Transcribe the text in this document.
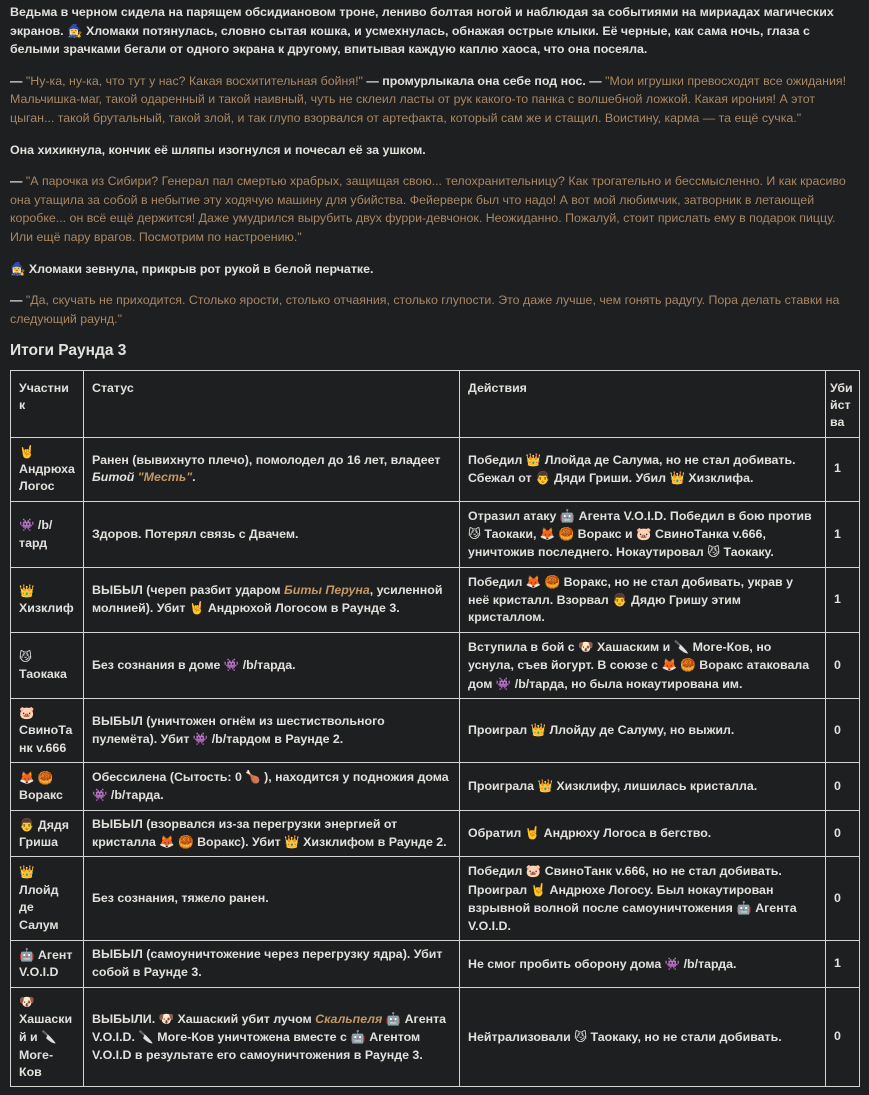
Ведьма в черном сидела на парящем обсидиановом троне, лениво болтая ногой и наблюдая за событиями на мириадах магических экранов. 🧙‍♀️ Хломаки потянулась, словно сытая кошка, и усмехнулась, обнажая острые клыки. Её черные, как сама ночь, глаза с белыми зрачками бегали от одного экрана к другому, впитывая каждую каплю хаоса, что она посеяла.

— "Ну-ка, ну-ка, что тут у нас? Какая восхитительная бойня!" — промурлыкала она себе под нос. — "Мои игрушки превосходят все ожидания! Мальчишка-маг, такой одаренный и такой наивный, чуть не склеил ласты от рук какого-то панка с волшебной ложкой. Какая ирония! А этот цыган... такой брутальный, такой злой, и так глупо взорвался от артефакта, который сам же и стащил. Воистину, карма — та ещё сучка."

Она хихикнула, кончик её шляпы изогнулся и почесал её за ушком.

— "А парочка из Сибири? Генерал пал смертью храбрых, защищая свою... телохранительницу? Как трогательно и бессмысленно. И как красиво она утащила за собой в небытие эту ходячую машину для убийства. Фейерверк был что надо! А вот мой любимчик, затворник в летающей коробке... он всё ещё держится! Даже умудрился вырубить двух фурри-девчонок. Неожиданно. Пожалуй, стоит прислать ему в подарок пиццу. Или ещё пару врагов. Посмотрим по настроению."

🧙‍♀️ Хломаки зевнула, прикрыв рот рукой в белой перчатке.

— "Да, скучать не приходится. Столько ярости, столько отчаяния, столько глупости. Это даже лучше, чем гонять радугу. Пора делать ставки на следующий раунд."

Итоги Раунда 3
Участник	Статус	Действия	Убийства
🤘 Андрюха Логос	Ранен (вывихнуто плечо), помолодел до 16 лет, владеет Битой "Месть".	Победил 👑 Ллойда де Салума, но не стал добивать. Сбежал от 👨 Дяди Гриши. Убил 👑 Хизклифа.	1
👾 /b/тард	Здоров. Потерял связь с Двачем.	Отразил атаку 🤖 Агента V.O.I.D. Победил в бою против 😼 Таокаки, 🦊 🥮 Воракс и 🐷 СвиноТанка v.666, уничтожив последнего. Нокаутировал 😼 Таокаку.	1
👑 Хизклиф	ВЫБЫЛ (череп разбит ударом Биты Перуна, усиленной молнией). Убит 🤘 Андрюхой Логосом в Раунде 3.	Победил 🦊 🥮 Воракс, но не стал добивать, украв у неё кристалл. Взорвал 👨 Дядю Гришу этим кристаллом.	1
😼 Таокака	Без сознания в доме 👾 /b/тарда.	Вступила в бой с 🐶 Хашаским и 🔪 Моге-Ков, но уснула, съев йогурт. В союзе с 🦊 🥮 Воракс атаковала дом 👾 /b/тарда, но была нокаутирована им.	0
🐷 СвиноТанк v.666	ВЫБЫЛ (уничтожен огнём из шестиствольного пулемёта). Убит 👾 /b/тардом в Раунде 2.	Проиграл 👑 Ллойду де Салуму, но выжил.	0
🦊 🥮 Воракс	Обессилена (Сытость: 0 🍗 ), находится у подножия дома 👾 /b/тарда.	Проиграла 👑 Хизклифу, лишилась кристалла.	0
👨 Дядя Гриша	ВЫБЫЛ (взорвался из-за перегрузки энергией от кристалла 🦊 🥮 Воракс). Убит 👑 Хизклифом в Раунде 2.	Обратил 🤘 Андрюху Логоса в бегство.	0
👑 Ллойд де Салум	Без сознания, тяжело ранен.	Победил 🐷 СвиноТанк v.666, но не стал добивать. Проиграл 🤘 Андрюхе Логосу. Был нокаутирован взрывной волной после самоуничтожения 🤖 Агента V.O.I.D.	0
🤖 Агент V.O.I.D	ВЫБЫЛ (самоуничтожение через перегрузку ядра). Убит собой в Раунде 3.	Не смог пробить оборону дома 👾 /b/тарда.	1
🐶 Хашаский и 🔪 Моге-Ков	ВЫБЫЛИ. 🐶 Хашаский убит лучом Скальпеля 🤖 Агента V.O.I.D. 🔪 Моге-Ков уничтожена вместе с 🤖 Агентом V.O.I.D в результате его самоуничтожения в Раунде 3.	Нейтрализовали 😼 Таокаку, но не стали добивать.	0
